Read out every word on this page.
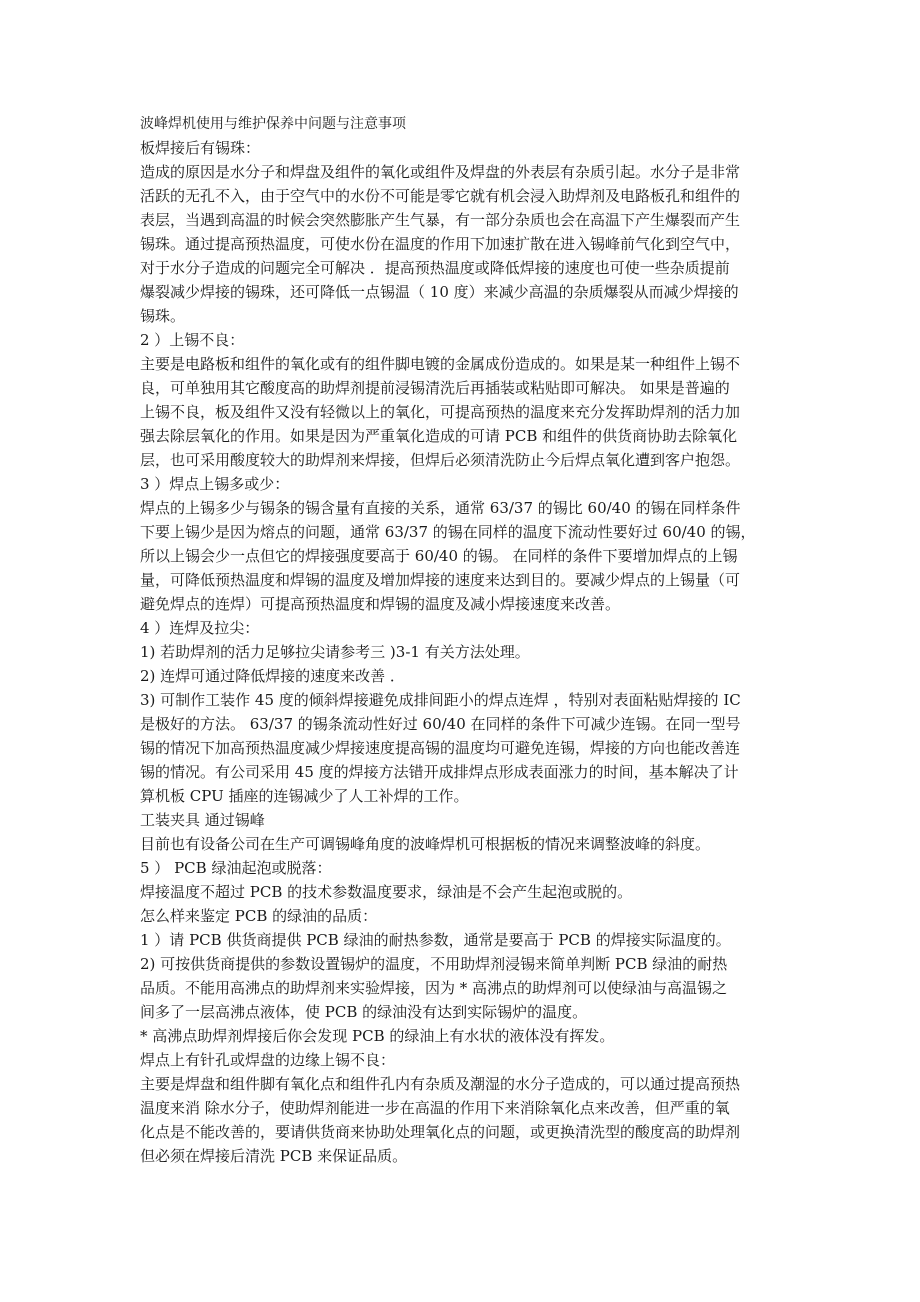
波峰焊机使用与维护保养中问题与注意事项
板焊接后有锡珠：
造成的原因是水分子和焊盘及组件的氧化或组件及焊盘的外表层有杂质引起。水分子是非常
活跃的无孔不入，由于空气中的水份不可能是零它就有机会浸入助焊剂及电路板孔和组件的
表层，当遇到高温的时候会突然膨胀产生气暴，有一部分杂质也会在高温下产生爆裂而产生
锡珠。通过提高预热温度，可使水份在温度的作用下加速扩散在进入锡峰前气化到空气中，
对于水分子造成的问题完全可解决 ．提高预热温度或降低焊接的速度也可使一些杂质提前
爆裂减少焊接的锡珠，还可降低一点锡温（ 10 度）来减少高温的杂质爆裂从而减少焊接的
锡珠。
2 ）上锡不良：
主要是电路板和组件的氧化或有的组件脚电镀的金属成份造成的。如果是某一种组件上锡不
良，可单独用其它酸度高的助焊剂提前浸锡清洗后再插装或粘贴即可解决。 如果是普遍的
上锡不良，板及组件又没有轻微以上的氧化，可提高预热的温度来充分发挥助焊剂的活力加
强去除层氧化的作用。如果是因为严重氧化造成的可请 PCB 和组件的供货商协助去除氧化
层，也可采用酸度较大的助焊剂来焊接，但焊后必须清洗防止今后焊点氧化遭到客户抱怨。
3 ）焊点上锡多或少：
焊点的上锡多少与锡条的锡含量有直接的关系，通常 63/37 的锡比 60/40 的锡在同样条件
下要上锡少是因为熔点的问题，通常 63/37 的锡在同样的温度下流动性要好过 60/40 的锡，
所以上锡会少一点但它的焊接强度要高于 60/40 的锡。 在同样的条件下要增加焊点的上锡
量，可降低预热温度和焊锡的温度及增加焊接的速度来达到目的。要减少焊点的上锡量（可
避免焊点的连焊）可提高预热温度和焊锡的温度及减小焊接速度来改善。
4 ）连焊及拉尖：
1) 若助焊剂的活力足够拉尖请参考三 )3-1 有关方法处理。
2) 连焊可通过降低焊接的速度来改善 ．
3) 可制作工装作 45 度的倾斜焊接避免成排间距小的焊点连焊 ，特别对表面粘贴焊接的 IC
是极好的方法。 63/37 的锡条流动性好过 60/40 在同样的条件下可减少连锡。在同一型号
锡的情况下加高预热温度减少焊接速度提高锡的温度均可避免连锡，焊接的方向也能改善连
锡的情况。有公司采用 45 度的焊接方法错开成排焊点形成表面涨力的时间，基本解决了计
算机板 CPU 插座的连锡减少了人工补焊的工作。
工装夹具 通过锡峰
目前也有设备公司在生产可调锡峰角度的波峰焊机可根据板的情况来调整波峰的斜度。
5 ） PCB 绿油起泡或脱落：
焊接温度不超过 PCB 的技术参数温度要求，绿油是不会产生起泡或脱的。
怎么样来鉴定 PCB 的绿油的品质：
1 ）请 PCB 供货商提供 PCB 绿油的耐热参数，通常是要高于 PCB 的焊接实际温度的。
2) 可按供货商提供的参数设置锡炉的温度，不用助焊剂浸锡来简单判断 PCB 绿油的耐热
品质。不能用高沸点的助焊剂来实验焊接，因为 * 高沸点的助焊剂可以使绿油与高温锡之
间多了一层高沸点液体，使 PCB 的绿油没有达到实际锡炉的温度。
* 高沸点助焊剂焊接后你会发现 PCB 的绿油上有水状的液体没有挥发。
焊点上有针孔或焊盘的边缘上锡不良：
主要是焊盘和组件脚有氧化点和组件孔内有杂质及潮湿的水分子造成的，可以通过提高预热
温度来消 除水分子，使助焊剂能进一步在高温的作用下来消除氧化点来改善，但严重的氧
化点是不能改善的，要请供货商来协助处理氧化点的问题，或更换清洗型的酸度高的助焊剂
但必须在焊接后清洗 PCB 来保证品质。
